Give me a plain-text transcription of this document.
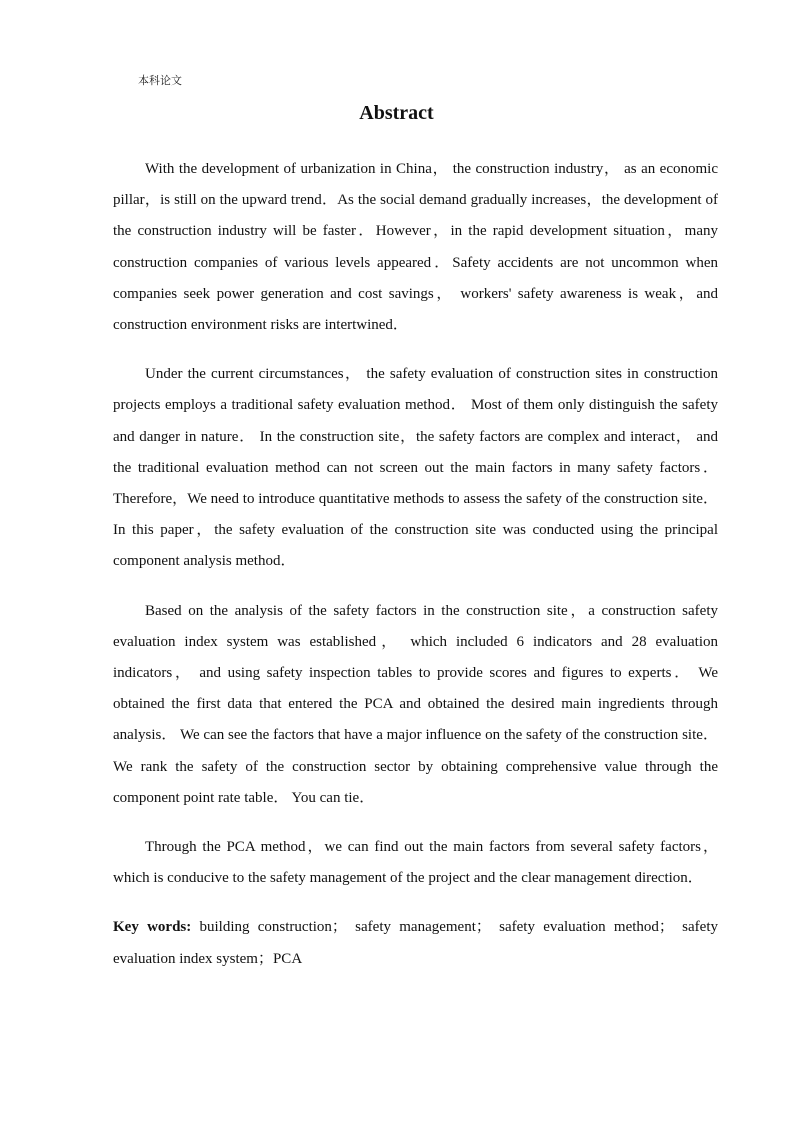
本科论文
Abstract

With the development of urbanization in China， the construction industry， as an economic pillar，is still on the upward trend．As the social demand gradually increases，the development of the construction industry will be faster．However，in the rapid development situation，many construction companies of various levels appeared．Safety accidents are not uncommon when companies seek power generation and cost savings， workers' safety awareness is weak，and construction environment risks are intertwined．

Under the current circumstances， the safety evaluation of construction sites in construction projects employs a traditional safety evaluation method． Most of them only distinguish the safety and danger in nature． In the construction site，the safety factors are complex and interact， and the traditional evaluation method can not screen out the main factors in many safety factors．Therefore，We need to introduce quantitative methods to assess the safety of the construction site．In this paper，the safety evaluation of the construction site was conducted using the principal component analysis method．

Based on the analysis of the safety factors in the construction site，a construction safety evaluation index system was established， which included 6 indicators and 28 evaluation indicators， and using safety inspection tables to provide scores and figures to experts． We obtained the first data that entered the PCA and obtained the desired main ingredients through analysis． We can see the factors that have a major influence on the safety of the construction site． We rank the safety of the construction sector by obtaining comprehensive value through the component point rate table． You can tie．

Through the PCA method，we can find out the main factors from several safety factors，which is conducive to the safety management of the project and the clear management direction．

Key words: building construction； safety management； safety evaluation method； safety evaluation index system；PCA
